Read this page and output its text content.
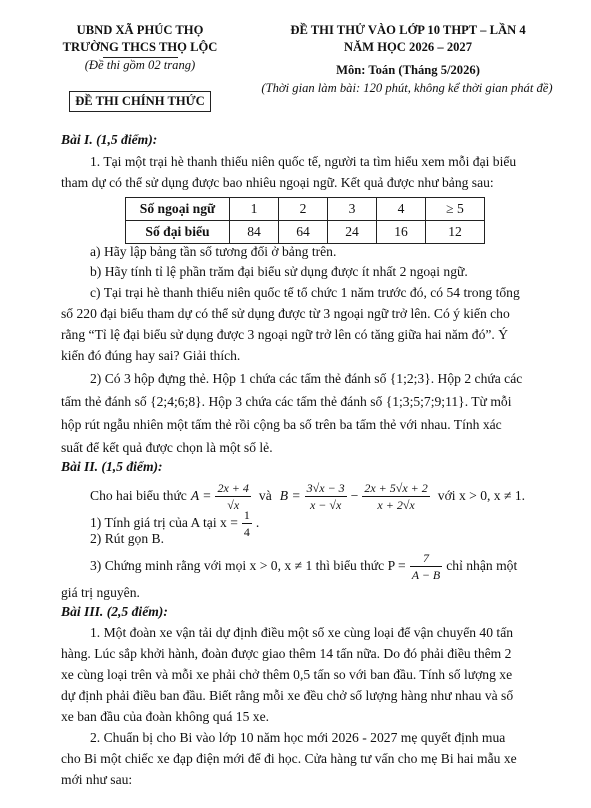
UBND XÃ PHÚC THỌ
TRƯỜNG THCS THỌ LỘC
(Đề thi gồm 02 trang)
ĐỀ THI CHÍNH THỨC
ĐỀ THI THỬ VÀO LỚP 10 THPT – LẦN 4
NĂM HỌC 2026 – 2027
Môn: Toán (Tháng 5/2026)
(Thời gian làm bài: 120 phút, không kể thời gian phát đề)
Bài I. (1,5 điểm):
1. Tại một trại hè thanh thiếu niên quốc tế, người ta tìm hiểu xem mỗi đại biểu
tham dự có thể sử dụng được bao nhiêu ngoại ngữ. Kết quả được như bảng sau:
Số ngoại ngữ	1	2	3	4	≥ 5
Số đại biểu	84	64	24	16	12
a) Hãy lập bảng tần số tương đối ở bảng trên.
b) Hãy tính tỉ lệ phần trăm đại biểu sử dụng được ít nhất 2 ngoại ngữ.
c) Tại trại hè thanh thiếu niên quốc tế tổ chức 1 năm trước đó, có 54 trong tổng
số 220 đại biểu tham dự có thể sử dụng được từ 3 ngoại ngữ trở lên. Có ý kiến cho
rằng “Tỉ lệ đại biểu sử dụng được 3 ngoại ngữ trở lên có tăng giữa hai năm đó”. Ý
kiến đó đúng hay sai? Giải thích.
2) Có 3 hộp đựng thẻ. Hộp 1 chứa các tấm thẻ đánh số {1;2;3}. Hộp 2 chứa các
tấm thẻ đánh số {2;4;6;8}. Hộp 3 chứa các tấm thẻ đánh số {1;3;5;7;9;11}. Từ mỗi
hộp rút ngẫu nhiên một tấm thẻ rồi cộng ba số trên ba tấm thẻ với nhau. Tính xác
suất để kết quả được chọn là một số lẻ.
Bài II. (1,5 điểm):
Cho hai biểu thức $A = \frac{2x + 4}{√x}$ và $B = \frac{3√x - 3}{x - √x} - \frac{2x + 5√x + 2}{x + 2√x}$ với x > 0, x ≠ 1.
1) Tính giá trị của A tại $x = \frac{1}{4}$ .
2) Rút gọn B.
3) Chứng minh rằng với mọi x > 0, x ≠ 1 thì biểu thức $P = \frac{7}{A - B}$ chỉ nhận một
giá trị nguyên.
Bài III. (2,5 điểm):
1. Một đoàn xe vận tải dự định điều một số xe cùng loại để vận chuyển 40 tấn
hàng. Lúc sắp khởi hành, đoàn được giao thêm 14 tấn nữa. Do đó phải điều thêm 2
xe cùng loại trên và mỗi xe phải chở thêm 0,5 tấn so với ban đầu. Tính số lượng xe
dự định phải điều ban đầu. Biết rằng mỗi xe đều chở số lượng hàng như nhau và số
xe ban đầu của đoàn không quá 15 xe.
2. Chuẩn bị cho Bi vào lớp 10 năm học mới 2026 - 2027 mẹ quyết định mua
cho Bi một chiếc xe đạp điện mới để đi học. Cửa hàng tư vấn cho mẹ Bi hai mẫu xe
mới như sau:
